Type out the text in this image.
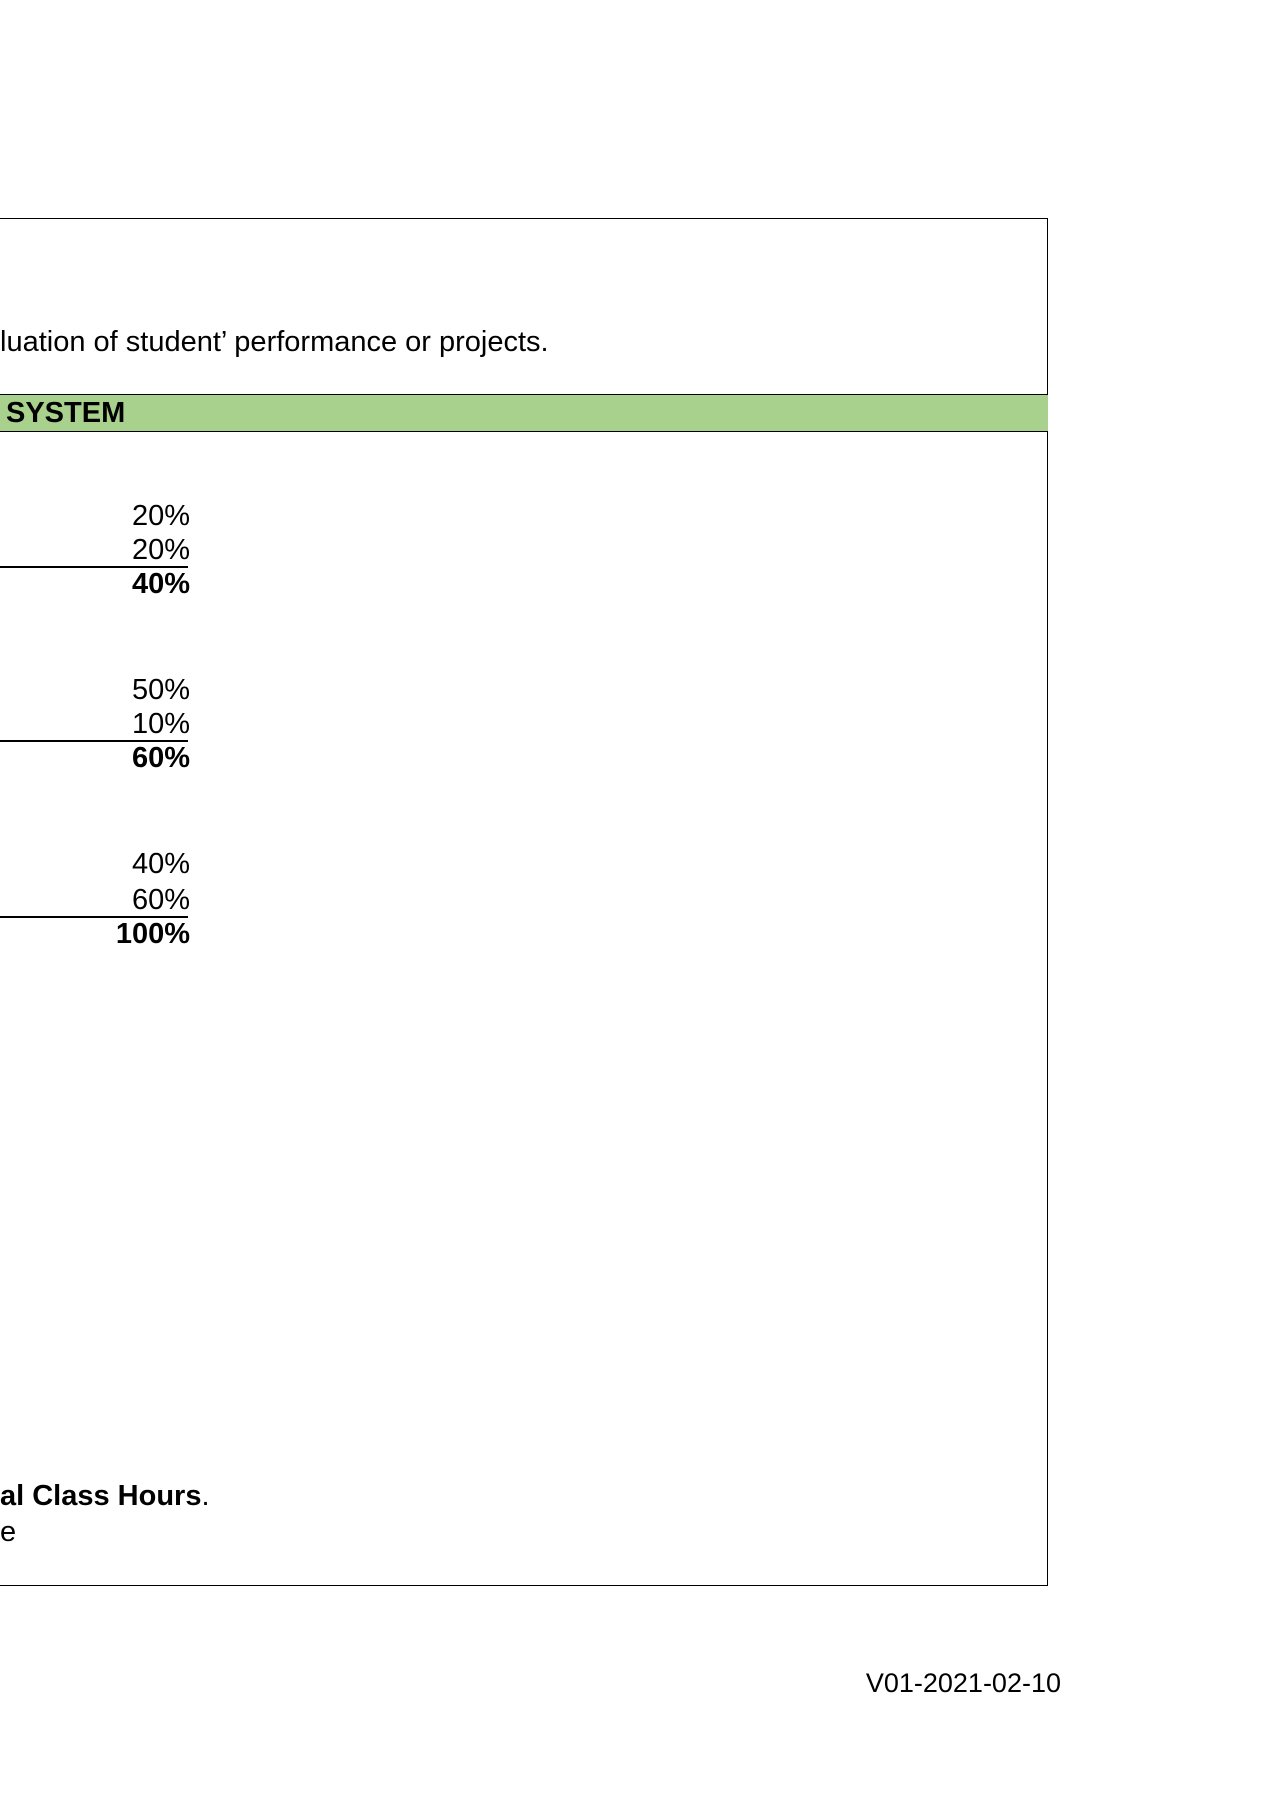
luation of student’ performance or projects.
SYSTEM
20%
20%
40%
50%
10%
60%
40%
60%
100%
al Class Hours.
e
V01-2021-02-10
